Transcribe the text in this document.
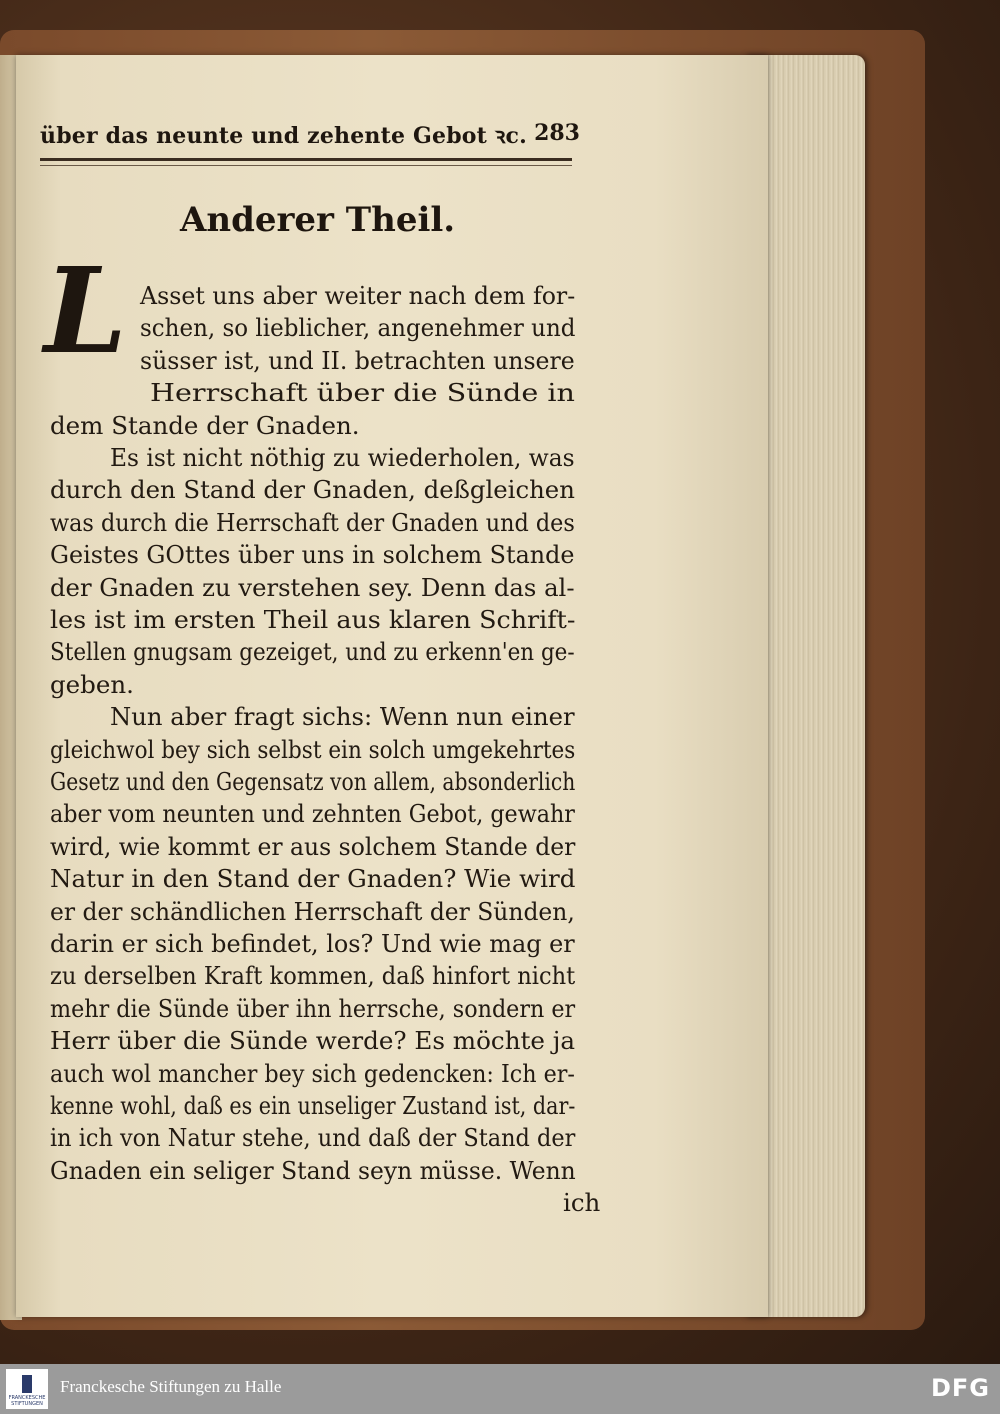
über das neunte und zehente Gebot ꝛc. 283
Anderer Theil.
L Asset uns aber weiter nach dem for-
schen, so lieblicher, angenehmer und
süsser ist, und II. betrachten unsere
Herrschaft über die Sünde in
dem Stande der Gnaden.
Es ist nicht nöthig zu wiederholen, was
durch den Stand der Gnaden, deßgleichen
was durch die Herrschaft der Gnaden und des
Geistes GOttes über uns in solchem Stande
der Gnaden zu verstehen sey. Denn das al-
les ist im ersten Theil aus klaren Schrift-
Stellen gnugsam gezeiget, und zu erkenn'en ge-
geben.
Nun aber fragt sichs: Wenn nun einer
gleichwol bey sich selbst ein solch umgekehrtes
Gesetz und den Gegensatz von allem, absonderlich
aber vom neunten und zehnten Gebot, gewahr
wird, wie kommt er aus solchem Stande der
Natur in den Stand der Gnaden? Wie wird
er der schändlichen Herrschaft der Sünden,
darin er sich befindet, los? Und wie mag er
zu derselben Kraft kommen, daß hinfort nicht
mehr die Sünde über ihn herrsche, sondern er
Herr über die Sünde werde? Es möchte ja
auch wol mancher bey sich gedencken: Ich er-
kenne wohl, daß es ein unseliger Zustand ist, dar-
in ich von Natur stehe, und daß der Stand der
Gnaden ein seliger Stand seyn müsse. Wenn
ich
FRANCKESCHE STIFTUNGEN
Franckesche Stiftungen zu Halle	DFG
